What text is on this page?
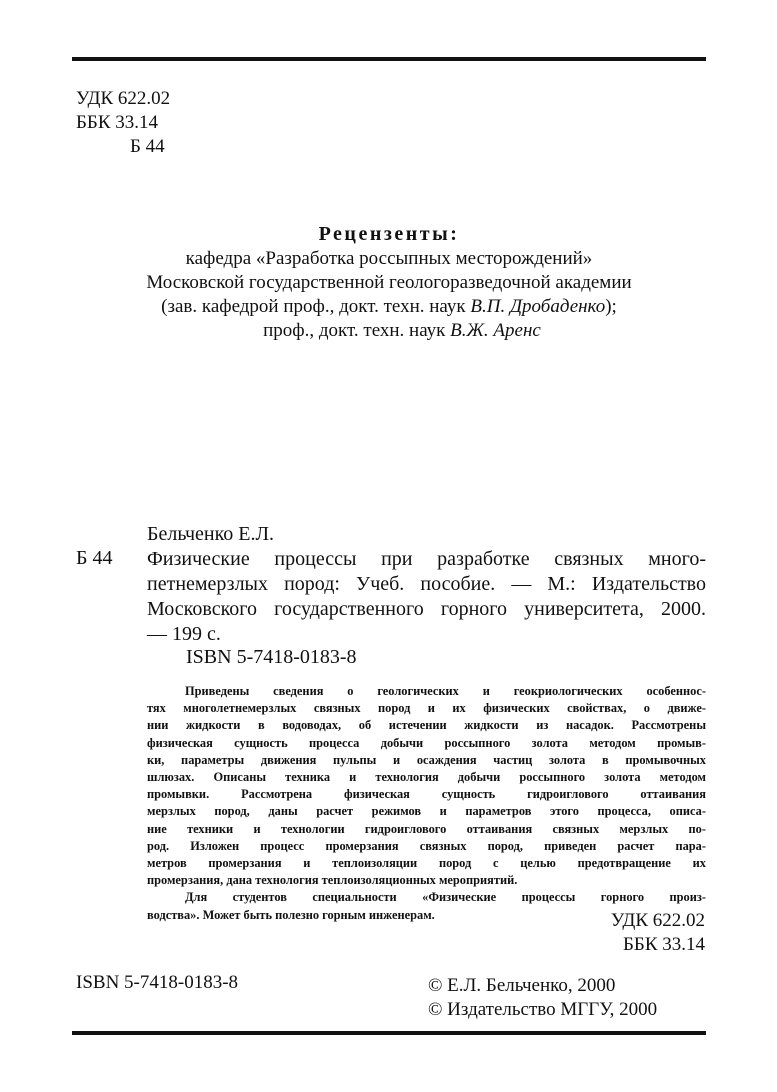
УДК 622.02
ББК 33.14
Б 44
Рецензенты:
кафедра «Разработка россыпных месторождений»
Московской государственной геологоразведочной академии
(зав. кафедрой проф., докт. техн. наук В.П. Дробаденко);
проф., докт. техн. наук В.Ж. Аренс
Бельченко Е.Л.
Б 44 Физические процессы при разработке связных много-
петнемерзлых пород: Учеб. пособие. — М.: Издательство
Московского государственного горного университета, 2000.
— 199 с.
ISBN 5-7418-0183-8
Приведены сведения о геологических и геокриологических особеннос-
тях многолетнемерзлых связных пород и их физических свойствах, о движе-
нии жидкости в водоводах, об истечении жидкости из насадок. Рассмотрены
физическая сущность процесса добычи россыпного золота методом промыв-
ки, параметры движения пульпы и осаждения частиц золота в промывочных
шлюзах. Описаны техника и технология добычи россыпного золота методом
промывки. Рассмотрена физическая сущность гидроиглового оттаивания
мерзлых пород, даны расчет режимов и параметров этого процесса, описа-
ние техники и технологии гидроиглового оттаивания связных мерзлых по-
род. Изложен процесс промерзания связных пород, приведен расчет пара-
метров промерзания и теплоизоляции пород с целью предотвращение их
промерзания, дана технология теплоизоляционных мероприятий.
Для студентов специальности «Физические процессы горного произ-
водства». Может быть полезно горным инженерам.	УДК 622.02
ББК 33.14
ISBN 5-7418-0183-8	© Е.Л. Бельченко, 2000
© Издательство МГГУ, 2000
